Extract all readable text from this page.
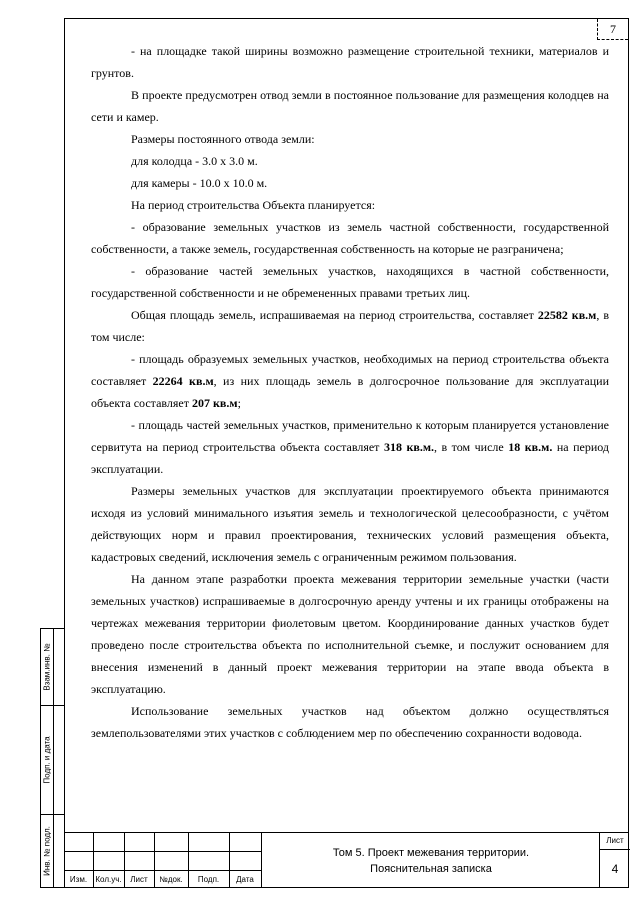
7

- на площадке такой ширины возможно размещение строительной техники, материалов и грунтов.

В проекте предусмотрен отвод земли в постоянное пользование для размещения колодцев на сети и камер.

Размеры постоянного отвода земли:

для колодца - 3.0 х 3.0 м.

для камеры - 10.0 х 10.0 м.

На период строительства Объекта планируется:

- образование земельных участков из земель частной собственности, государственной собственности, а также земель, государственная собственность на которые не разграничена;

- образование частей земельных участков, находящихся в частной собственности, государственной собственности и не обремененных правами третьих лиц.

Общая площадь земель, испрашиваемая на период строительства, составляет 22582 кв.м, в том числе:

- площадь образуемых земельных участков, необходимых на период строительства объекта составляет 22264 кв.м, из них площадь земель в долгосрочное пользование для эксплуатации объекта составляет 207 кв.м;

- площадь частей земельных участков, применительно к которым планируется установление сервитута на период строительства объекта составляет 318 кв.м., в том числе 18 кв.м. на период эксплуатации.

Размеры земельных участков для эксплуатации проектируемого объекта принимаются исходя из условий минимального изъятия земель и технологической целесообразности, с учётом действующих норм и правил проектирования, технических условий размещения объекта, кадастровых сведений, исключения земель с ограниченным режимом пользования.

На данном этапе разработки проекта межевания территории земельные участки (части земельных участков) испрашиваемые в долгосрочную аренду учтены и их границы отображены на чертежах межевания территории фиолетовым цветом. Координирование данных участков будет проведено после строительства объекта по исполнительной съемке, и послужит основанием для внесения изменений в данный проект межевания территории на этапе ввода объекта в эксплуатацию.

Использование земельных участков над объектом должно осуществляться землепользователями этих участков с соблюдением мер по обеспечению сохранности водовода.

Взам.инв. №
Подп. и дата
Инв. № подл.
Изм.	Кол.уч.	Лист	№док.	Подп.	Дата
Том 5. Проект межевания территории.
Пояснительная записка
Лист
4
